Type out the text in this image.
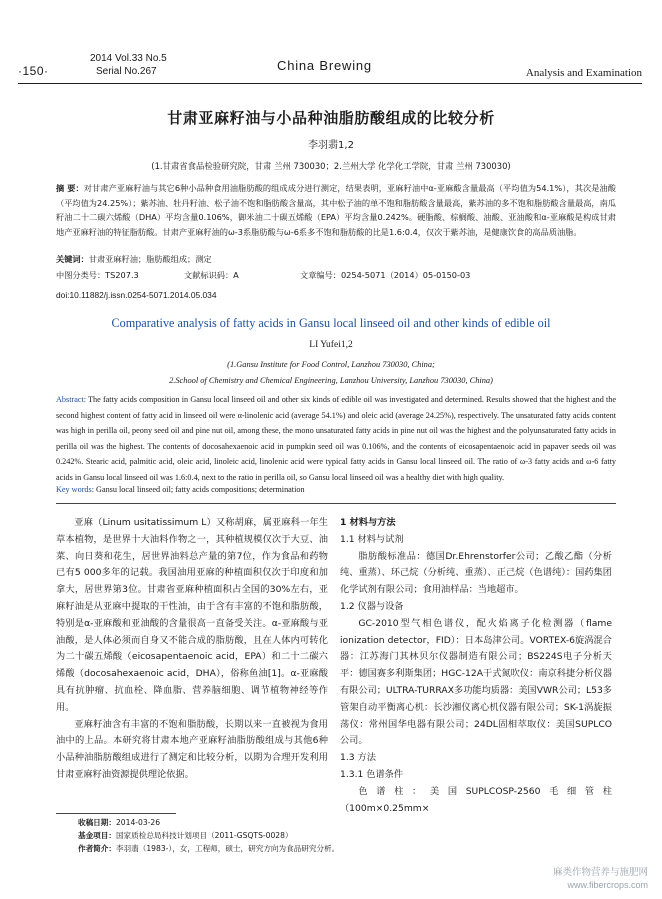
·150·
2014 Vol.33 No.5
Serial No.267	China Brewing	Analysis and Examination
甘肃亚麻籽油与小品种油脂肪酸组成的比较分析
李羽翡1,2
(1.甘肃省食品检验研究院，甘肃 兰州 730030；2.兰州大学 化学化工学院，甘肃 兰州 730030)
摘 要：对甘肃产亚麻籽油与其它6种小品种食用油脂肪酸的组成成分进行测定，结果表明，亚麻籽油中α-亚麻酸含量最高（平均值为54.1%），其次是油酸（平均值为24.25%）；紫苏油、牡丹籽油、松子油不饱和脂肪酸含量高，其中松子油的单不饱和脂肪酸含量最高，紫苏油的多不饱和脂肪酸含量最高，南瓜籽油二十二碳六烯酸（DHA）平均含量0.106%，御米油二十碳五烯酸（EPA）平均含量0.242%。硬脂酸、棕榈酸、油酸、亚油酸和α-亚麻酸是构成甘肃地产亚麻籽油的特征脂肪酸。甘肃产亚麻籽油的ω-3系脂肪酸与ω-6系多不饱和脂肪酸的比是1.6:0.4，仅次于紫苏油，是健康饮食的高品质油脂。
关键词：甘肃亚麻籽油；脂肪酸组成；测定
中图分类号：TS207.3	文献标识码：A	文章编号：0254-5071（2014）05-0150-03
doi:10.11882/j.issn.0254-5071.2014.05.034
Comparative analysis of fatty acids in Gansu local linseed oil and other kinds of edible oil
LI Yufei1,2
(1.Gansu Institute for Food Control, Lanzhou 730030, China;
2.School of Chemistry and Chemical Engineering, Lanzhou University, Lanzhou 730030, China)
Abstract: The fatty acids composition in Gansu local linseed oil and other six kinds of edible oil was investigated and determined. Results showed that the highest and the second highest content of fatty acid in linseed oil were α-linolenic acid (average 54.1%) and oleic acid (average 24.25%), respectively. The unsaturated fatty acids content was high in perilla oil, peony seed oil and pine nut oil, among these, the mono unsaturated fatty acids in pine nut oil was the highest and the polyunsaturated fatty acids in perilla oil was the highest. The contents of docosahexaenoic acid in pumpkin seed oil was 0.106%, and the contents of eicosapentaenoic acid in papaver seeds oil was 0.242%. Stearic acid, palmitic acid, oleic acid, linoleic acid, linolenic acid were typical fatty acids in Gansu local linseed oil. The ratio of ω-3 fatty acids and ω-6 fatty acids in Gansu local linseed oil was 1.6:0.4, next to the ratio in perilla oil, so Gansu local linseed oil was a healthy diet with high quality.
Key words: Gansu local linseed oil; fatty acids compositions; determination

亚麻（Linum usitatissimum L）又称胡麻，属亚麻科一年生草本植物，是世界十大油料作物之一，其种植规模仅次于大豆、油菜、向日葵和花生，居世界油料总产量的第7位，作为食品和药物已有5 000多年的记载。我国油用亚麻的种植面积仅次于印度和加拿大，居世界第3位。甘肃省亚麻种植面积占全国的30%左右，亚麻籽油是从亚麻中提取的干性油，由于含有丰富的不饱和脂肪酸，特别是α-亚麻酸和亚油酸的含量很高一直备受关注。α-亚麻酸与亚油酸，是人体必须而自身又不能合成的脂肪酸，且在人体内可转化为二十碳五烯酸（eicosapentaenoic acid，EPA）和二十二碳六烯酸（docosahexaenoic acid，DHA），俗称鱼油[1]。α-亚麻酸具有抗肿瘤、抗血栓、降血脂、营养脑细胞、调节植物神经等作用。

亚麻籽油含有丰富的不饱和脂肪酸，长期以来一直被视为食用油中的上品。本研究将甘肃本地产亚麻籽油脂肪酸组成与其他6种小品种油脂肪酸组成进行了测定和比较分析，以期为合理开发利用甘肃亚麻籽油资源提供理论依据。

1 材料与方法
1.1 材料与试剂

脂肪酸标准品：德国Dr.Ehrenstorfer公司；乙酸乙酯（分析纯、重蒸）、环己烷（分析纯、重蒸）、正己烷（色谱纯）：国药集团化学试剂有限公司；食用油样品：当地超市。

1.2 仪器与设备

GC-2010型气相色谱仪，配火焰离子化检测器（flame ionization detector，FID）：日本岛津公司。VORTEX-6旋涡混合器：江苏海门其林贝尔仪器制造有限公司；BS224S电子分析天平：德国赛多利斯集团；HGC-12A干式氮吹仪：南京科捷分析仪器有限公司；ULTRA-TURRAX多功能均质器：美国VWR公司；L53多管架自动平衡离心机：长沙湘仪离心机仪器有限公司；SK-1涡旋振荡仪：常州国华电器有限公司；24DL固相萃取仪：美国SUPLCO公司。

1.3 方法
1.3.1 色谱条件

色谱柱：美国SUPLCOSP-2560毛细管柱（100m×0.25mm×

收稿日期：2014-03-26
基金项目：国家质检总局科技计划项目（2011-GSQTS-0028）
作者简介：李羽翡（1983-），女，工程师，硕士，研究方向为食品研究分析。
麻类作物营养与施肥网
www.fibercrops.com
